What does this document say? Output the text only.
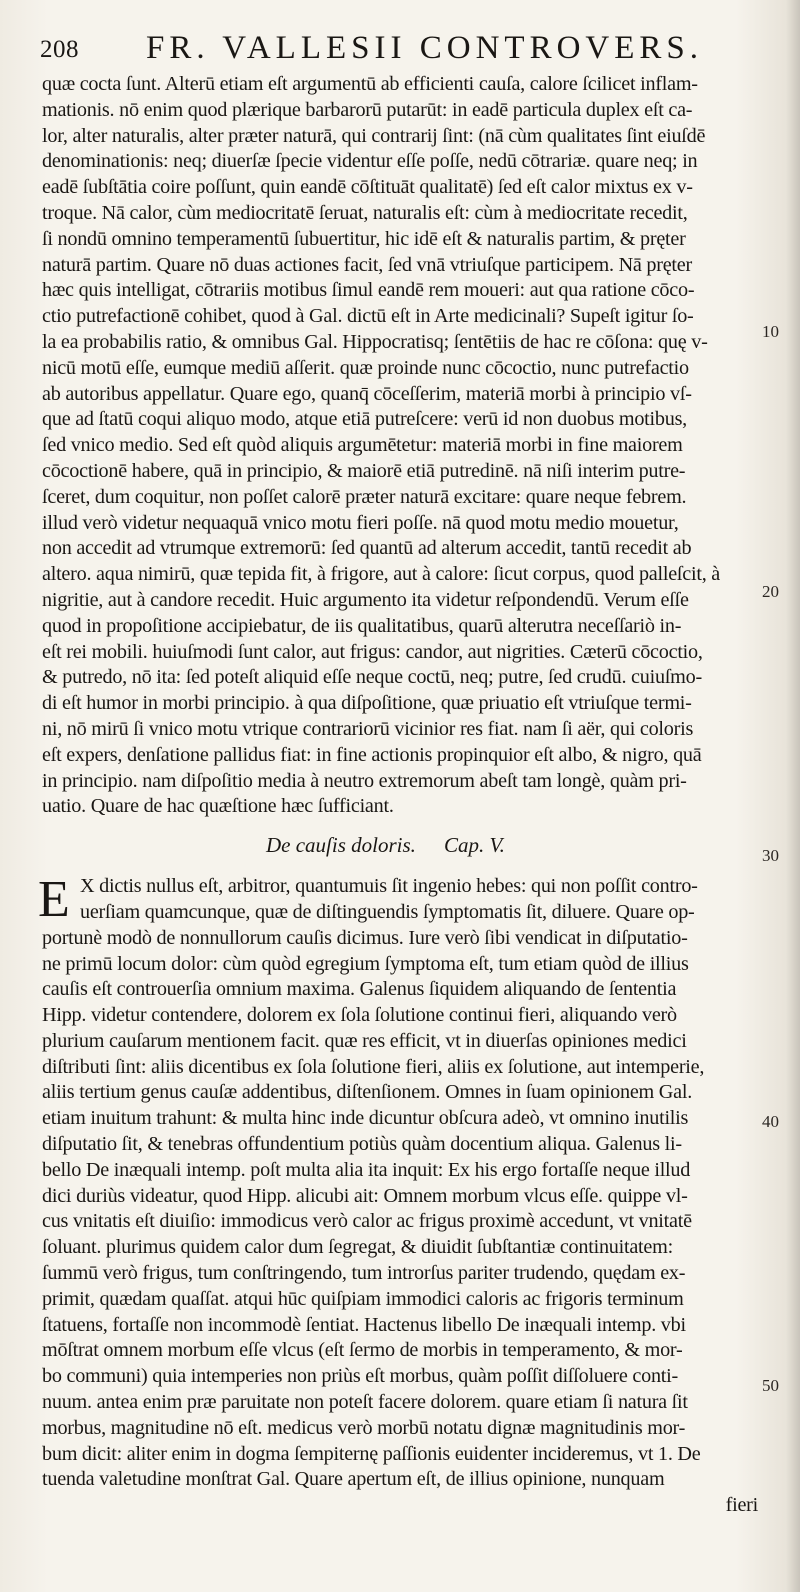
208 FR. VALLESII CONTROVERS.
quæ cocta ſunt. Alterū etiam eſt argumentū ab efficienti cauſa, calore ſcilicet inflam-
mationis. nō enim quod plærique barbarorū putarūt: in eadē particula duplex eſt ca-
lor, alter naturalis, alter præter naturā, qui contrarij ſint: (nā cùm qualitates ſint eiuſdē
denominationis: neq; diuerſæ ſpecie videntur eſſe poſſe, nedū cōtrariæ. quare neq; in
eadē ſubſtātia coire poſſunt, quin eandē cōſtituāt qualitatē) ſed eſt calor mixtus ex v-
troque. Nā calor, cùm mediocritatē ſeruat, naturalis eſt: cùm à mediocritate recedit,
ſi nondū omnino temperamentū ſubuertitur, hic idē eſt & naturalis partim, & pręter
naturā partim. Quare nō duas actiones facit, ſed vnā vtriuſque participem. Nā pręter
hæc quis intelligat, cōtrariis motibus ſimul eandē rem moueri: aut qua ratione cōco-
ctio putrefactionē cohibet, quod à Gal. dictū eſt in Arte medicinali? Supeſt igitur ſo-
la ea probabilis ratio, & omnibus Gal. Hippocratisq; ſentētiis de hac re cōſona: quę v-
nicū motū eſſe, eumque mediū aſſerit. quæ proinde nunc cōcoctio, nunc putrefactio
ab autoribus appellatur. Quare ego, quanq̄ cōceſſerim, materiā morbi à principio vſ-
que ad ſtatū coqui aliquo modo, atque etiā putreſcere: verū id non duobus motibus,
ſed vnico medio. Sed eſt quòd aliquis argumētetur: materiā morbi in fine maiorem
cōcoctionē habere, quā in principio, & maiorē etiā putredinē. nā niſi interim putre-
ſceret, dum coquitur, non poſſet calorē præter naturā excitare: quare neque febrem.
illud verò videtur nequaquā vnico motu fieri poſſe. nā quod motu medio mouetur,
non accedit ad vtrumque extremorū: ſed quantū ad alterum accedit, tantū recedit ab
altero. aqua nimirū, quæ tepida fit, à frigore, aut à calore: ſicut corpus, quod palleſcit, à
nigritie, aut à candore recedit. Huic argumento ita videtur reſpondendū. Verum eſſe
quod in propoſitione accipiebatur, de iis qualitatibus, quarū alterutra neceſſariò in-
eſt rei mobili. huiuſmodi ſunt calor, aut frigus: candor, aut nigrities. Cæterū cōcoctio,
& putredo, nō ita: ſed poteſt aliquid eſſe neque coctū, neq; putre, ſed crudū. cuiuſmo-
di eſt humor in morbi principio. à qua diſpoſitione, quæ priuatio eſt vtriuſque termi-
ni, nō mirū ſi vnico motu vtrique contrariorū vicinior res fiat. nam ſi aër, qui coloris
eſt expers, denſatione pallidus fiat: in fine actionis propinquior eſt albo, & nigro, quā
in principio. nam diſpoſitio media à neutro extremorum abeſt tam longè, quàm pri-
uatio. Quare de hac quæſtione hæc ſufficiant.
De cauſis doloris. Cap. V.
E X dictis nullus eſt, arbitror, quantumuis ſit ingenio hebes: qui non poſſit contro-
uerſiam quamcunque, quæ de diſtinguendis ſymptomatis ſit, diluere. Quare op-
portunè modò de nonnullorum cauſis dicimus. Iure verò ſibi vendicat in diſputatio-
ne primū locum dolor: cùm quòd egregium ſymptoma eſt, tum etiam quòd de illius
cauſis eſt controuerſia omnium maxima. Galenus ſiquidem aliquando de ſententia
Hipp. videtur contendere, dolorem ex ſola ſolutione continui fieri, aliquando verò
plurium cauſarum mentionem facit. quæ res efficit, vt in diuerſas opiniones medici
diſtributi ſint: aliis dicentibus ex ſola ſolutione fieri, aliis ex ſolutione, aut intemperie,
aliis tertium genus cauſæ addentibus, diſtenſionem. Omnes in ſuam opinionem Gal.
etiam inuitum trahunt: & multa hinc inde dicuntur obſcura adeò, vt omnino inutilis
diſputatio ſit, & tenebras offundentium potiùs quàm docentium aliqua. Galenus li-
bello De inæquali intemp. poſt multa alia ita inquit: Ex his ergo fortaſſe neque illud
dici duriùs videatur, quod Hipp. alicubi ait: Omnem morbum vlcus eſſe. quippe vl-
cus vnitatis eſt diuiſio: immodicus verò calor ac frigus proximè accedunt, vt vnitatē
ſoluant. plurimus quidem calor dum ſegregat, & diuidit ſubſtantiæ continuitatem:
ſummū verò frigus, tum conſtringendo, tum introrſus pariter trudendo, quędam ex-
primit, quædam quaſſat. atqui hūc quiſpiam immodici caloris ac frigoris terminum
ſtatuens, fortaſſe non incommodè ſentiat. Hactenus libello De inæquali intemp. vbi
mōſtrat omnem morbum eſſe vlcus (eſt ſermo de morbis in temperamento, & mor-
bo communi) quia intemperies non priùs eſt morbus, quàm poſſit diſſoluere conti-
nuum. antea enim præ paruitate non poteſt facere dolorem. quare etiam ſi natura ſit
morbus, magnitudine nō eſt. medicus verò morbū notatu dignæ magnitudinis mor-
bum dicit: aliter enim in dogma ſempiternę paſſionis euidenter incideremus, vt 1. De
tuenda valetudine monſtrat Gal. Quare apertum eſt, de illius opinione, nunquam
fieri
10
20
30
40
50
